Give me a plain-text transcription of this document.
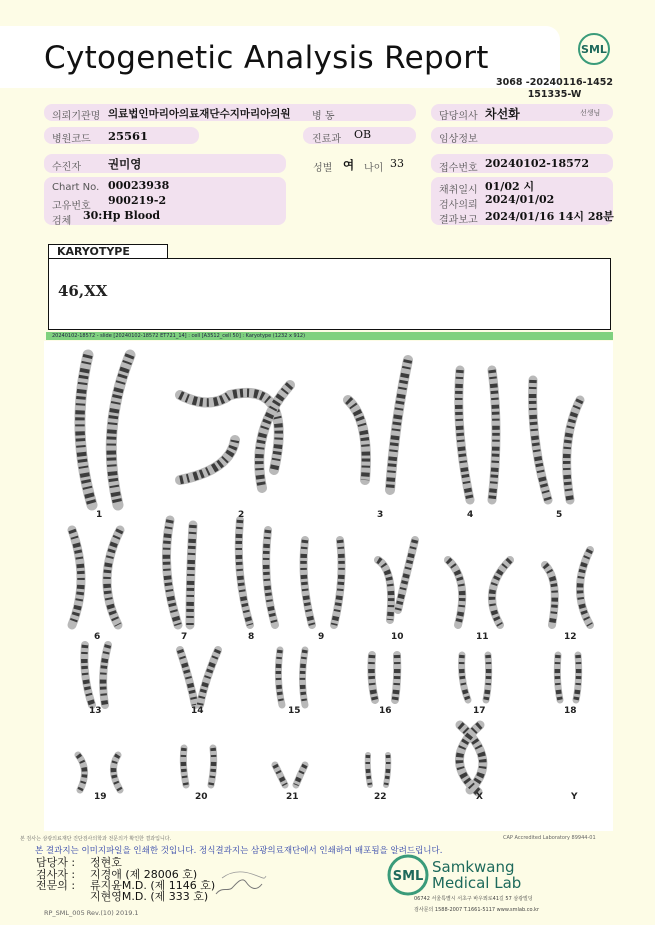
Cytogenetic Analysis Report	SML
3068 -20240116-1452
151335-W
의뢰기관명 의료법인마리아의료재단수지마리아의원 병 동	담당의사 차선화	선생님
병원코드 25561	진료과 OB	임상정보
수진자 권미영	성별 여 나이 33	접수번호 20240102-18572
Chart No. 00023938
고유번호 900219-2
검체 30:Hp Blood
채취일시 01/02 시
검사의뢰 2024/01/02
결과보고 2024/01/16 14시 28분
KARYOTYPE
46,XX
20240102-18572 - slide [20240102-18572 ET721_14] : cell [A3512_cell 50] : Karyotype (1232 x 912)
1	2	3	4	5
6	7	8	9	10	11	12
13	14	15	16	17	18
19	20	21	22	X	Y
본 검사는 삼광의료재단 진단검사의학과 전문의가 확인한 결과입니다.	CAP Accredited Laboratory 89944-01
본 결과지는 이미지파일을 인쇄한 것입니다. 정식결과지는 삼광의료재단에서 인쇄하여 배포됨을 알려드립니다.
담당자 : 정현호
검사자 : 지경애 (제 28006 호)
전문의 : 류지윤M.D. (제 1146 호)
지현영M.D. (제 333 호)
SML
Samkwang
Medical Lab
06742 서울특별시 서초구 바우뫼로41길 57 삼광빌딩
검사문의 1588-2007 T.1661-5117 www.smlab.co.kr
RP_SML_005 Rev.(10) 2019.1
